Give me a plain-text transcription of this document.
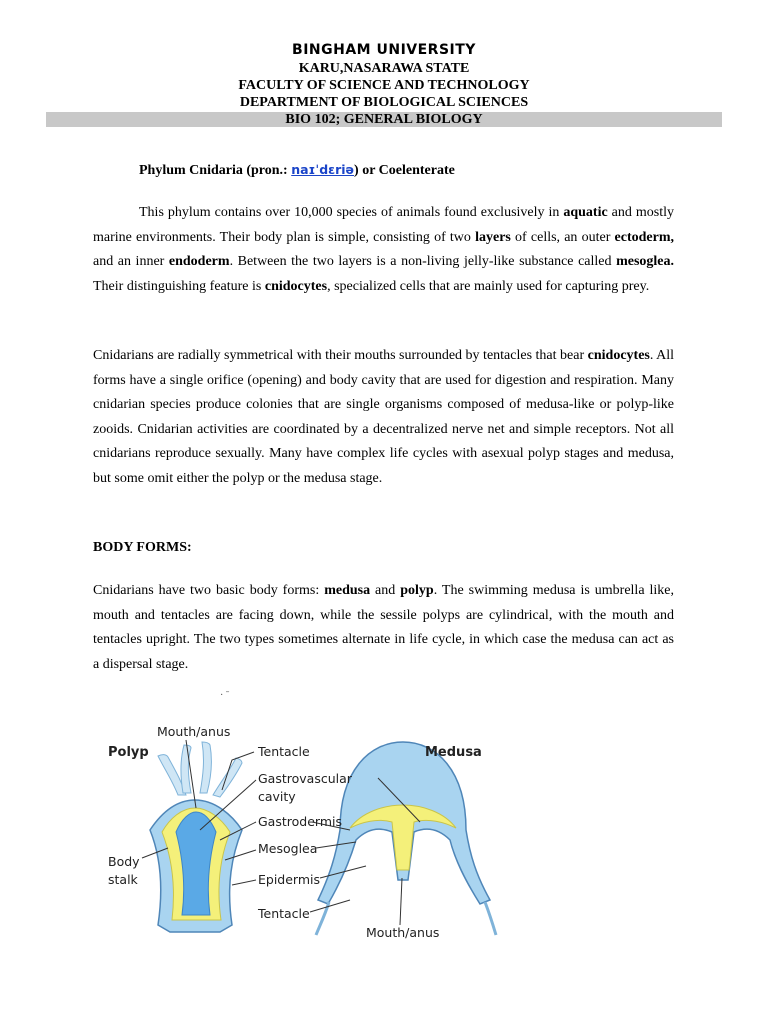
BINGHAM UNIVERSITY
KARU,NASARAWA STATE
FACULTY OF SCIENCE AND TECHNOLOGY
DEPARTMENT OF BIOLOGICAL SCIENCES
BIO 102; GENERAL BIOLOGY
Phylum Cnidaria (pron.: naɪˈdɛriə) or Coelenterate
This phylum contains over 10,000 species of animals found exclusively in aquatic and mostly marine environments. Their body plan is simple, consisting of two layers of cells, an outer ectoderm, and an inner endoderm. Between the two layers is a non-living jelly-like substance called mesoglea. Their distinguishing feature is cnidocytes, specialized cells that are mainly used for capturing prey.
Cnidarians are radially symmetrical with their mouths surrounded by tentacles that bear cnidocytes. All forms have a single orifice (opening) and body cavity that are used for digestion and respiration. Many cnidarian species produce colonies that are single organisms composed of medusa-like or polyp-like zooids. Cnidarian activities are coordinated by a decentralized nerve net and simple receptors. Not all cnidarians reproduce sexually. Many have complex life cycles with asexual polyp stages and medusa, but some omit either the polyp or the medusa stage.
BODY FORMS:
Cnidarians have two basic body forms: medusa and polyp. The swimming medusa is umbrella like, mouth and tentacles are facing down, while the sessile polyps are cylindrical, with the mouth and tentacles upright. The two types sometimes alternate in life cycle, in which case the medusa can act as a dispersal stage.
· ˉ
Polyp	Medusa
Mouth/anus
Tentacle
Gastrovascular
cavity
Gastrodermis
Mesoglea
Epidermis
Tentacle
Mouth/anus
Body
stalk
